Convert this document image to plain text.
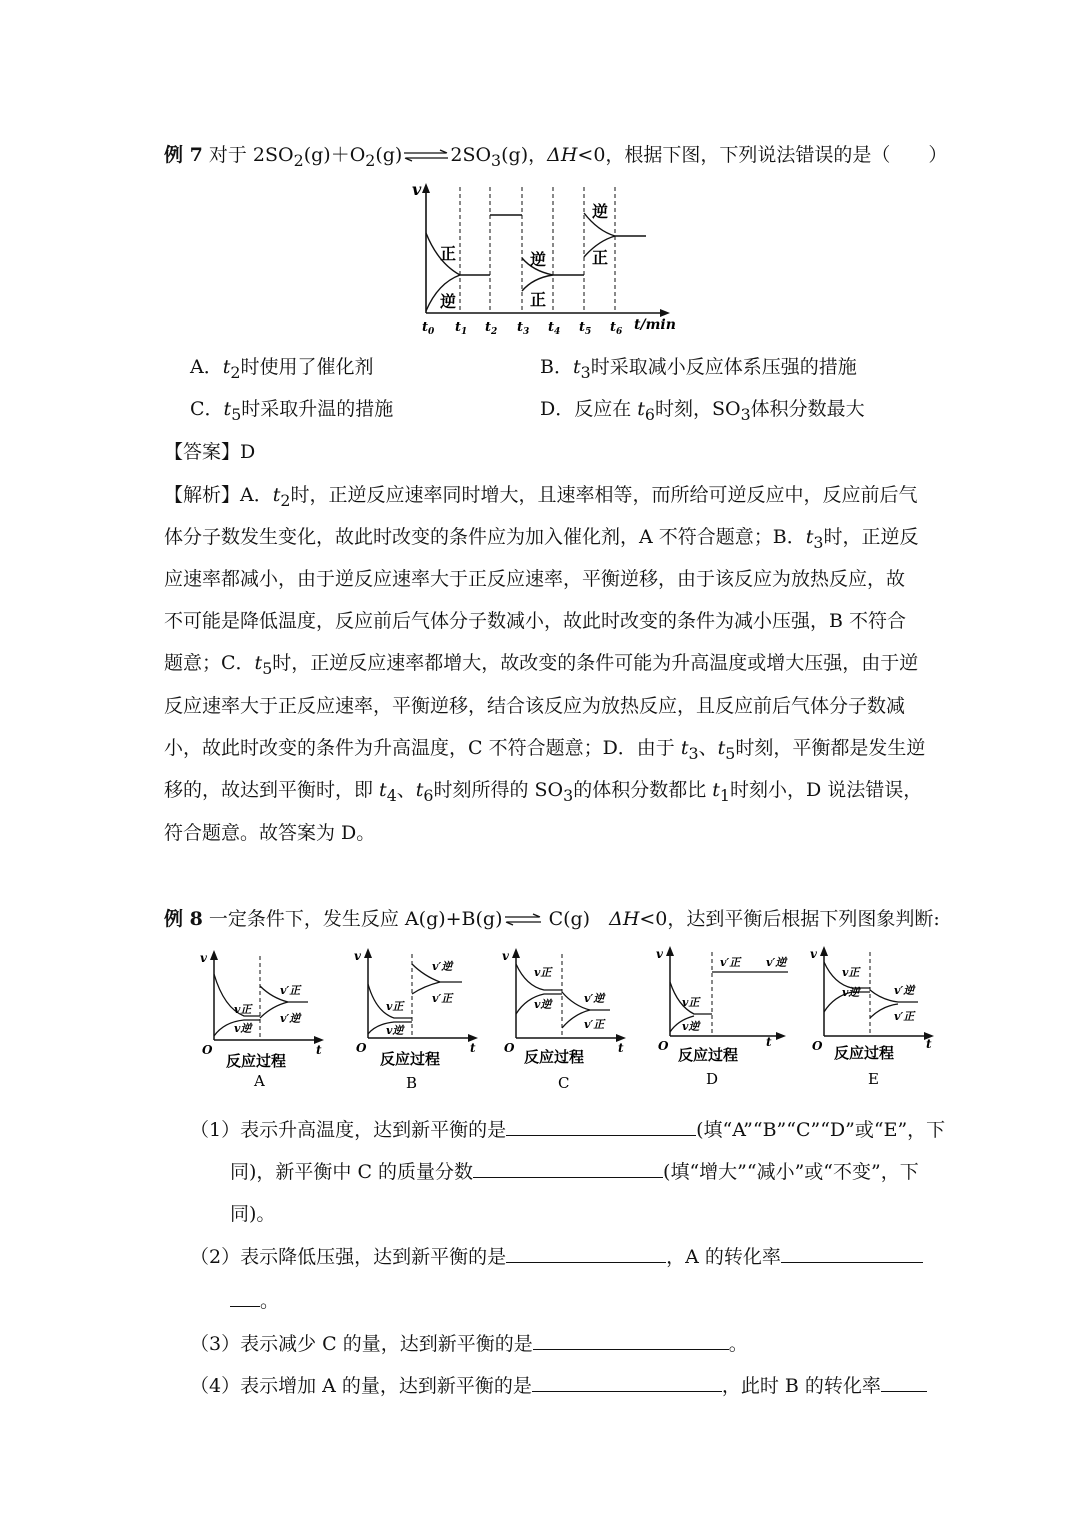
例 7 对于 $2SO_2(g)+O_2(g)\rightleftharpoons 2SO_3(g)$，ΔH<0，根据下图，下列说法错误的是（　　）
v
正
逆
逆
正
逆
正
$t_0$ $t_1$ $t_2$ $t_3$ $t_4$ $t_5$ $t_6$ t/min
A．$t_2$时使用了催化剂	B．$t_3$时采取减小反应体系压强的措施
C．$t_5$时采取升温的措施	D．反应在 $t_6$时刻，$SO_3$体积分数最大
【答案】D
【解析】A．$t_2$时，正逆反应速率同时增大，且速率相等，而所给可逆反应中，反应前后气
体分子数发生变化，故此时改变的条件应为加入催化剂，A 不符合题意；B．$t_3$时，正逆反
应速率都减小，由于逆反应速率大于正反应速率，平衡逆移，由于该反应为放热反应，故
不可能是降低温度，反应前后气体分子数减小，故此时改变的条件为减小压强，B 不符合
题意；C．$t_5$时，正逆反应速率都增大，故改变的条件可能为升高温度或增大压强，由于逆
反应速率大于正反应速率，平衡逆移，结合该反应为放热反应，且反应前后气体分子数减
小，故此时改变的条件为升高温度，C 不符合题意；D．由于 $t_3$、$t_5$时刻，平衡都是发生逆
移的，故达到平衡时，即 $t_4$、$t_6$时刻所得的 $SO_3$的体积分数都比 $t_1$时刻小，D 说法错误，
符合题意。故答案为 D。
例 8 一定条件下，发生反应 A(g)+B(g)⇌ C(g)　ΔH<0，达到平衡后根据下列图象判断:
v
O	t
v正
v逆
v′正
v′逆
反应过程
A
v
O	t
v正
v逆
v′逆
v′正
反应过程
B
v
O	t
v正
v逆	v′逆
v′正
反应过程
C
v
O	t
v正
v逆
v′正 v′逆
反应过程
D
v
O	t
v正
v逆	v′逆
v′正
反应过程
E
（1）表示升高温度，达到新平衡的是	(填“A”“B”“C”“D”或“E”，下
同)，新平衡中 C 的质量分数	(填“增大”“减小”或“不变”，下
同)。
（2）表示降低压强，达到新平衡的是	，A 的转化率
。
（3）表示减少 C 的量，达到新平衡的是	。
（4）表示增加 A 的量，达到新平衡的是	，此时 B 的转化率
